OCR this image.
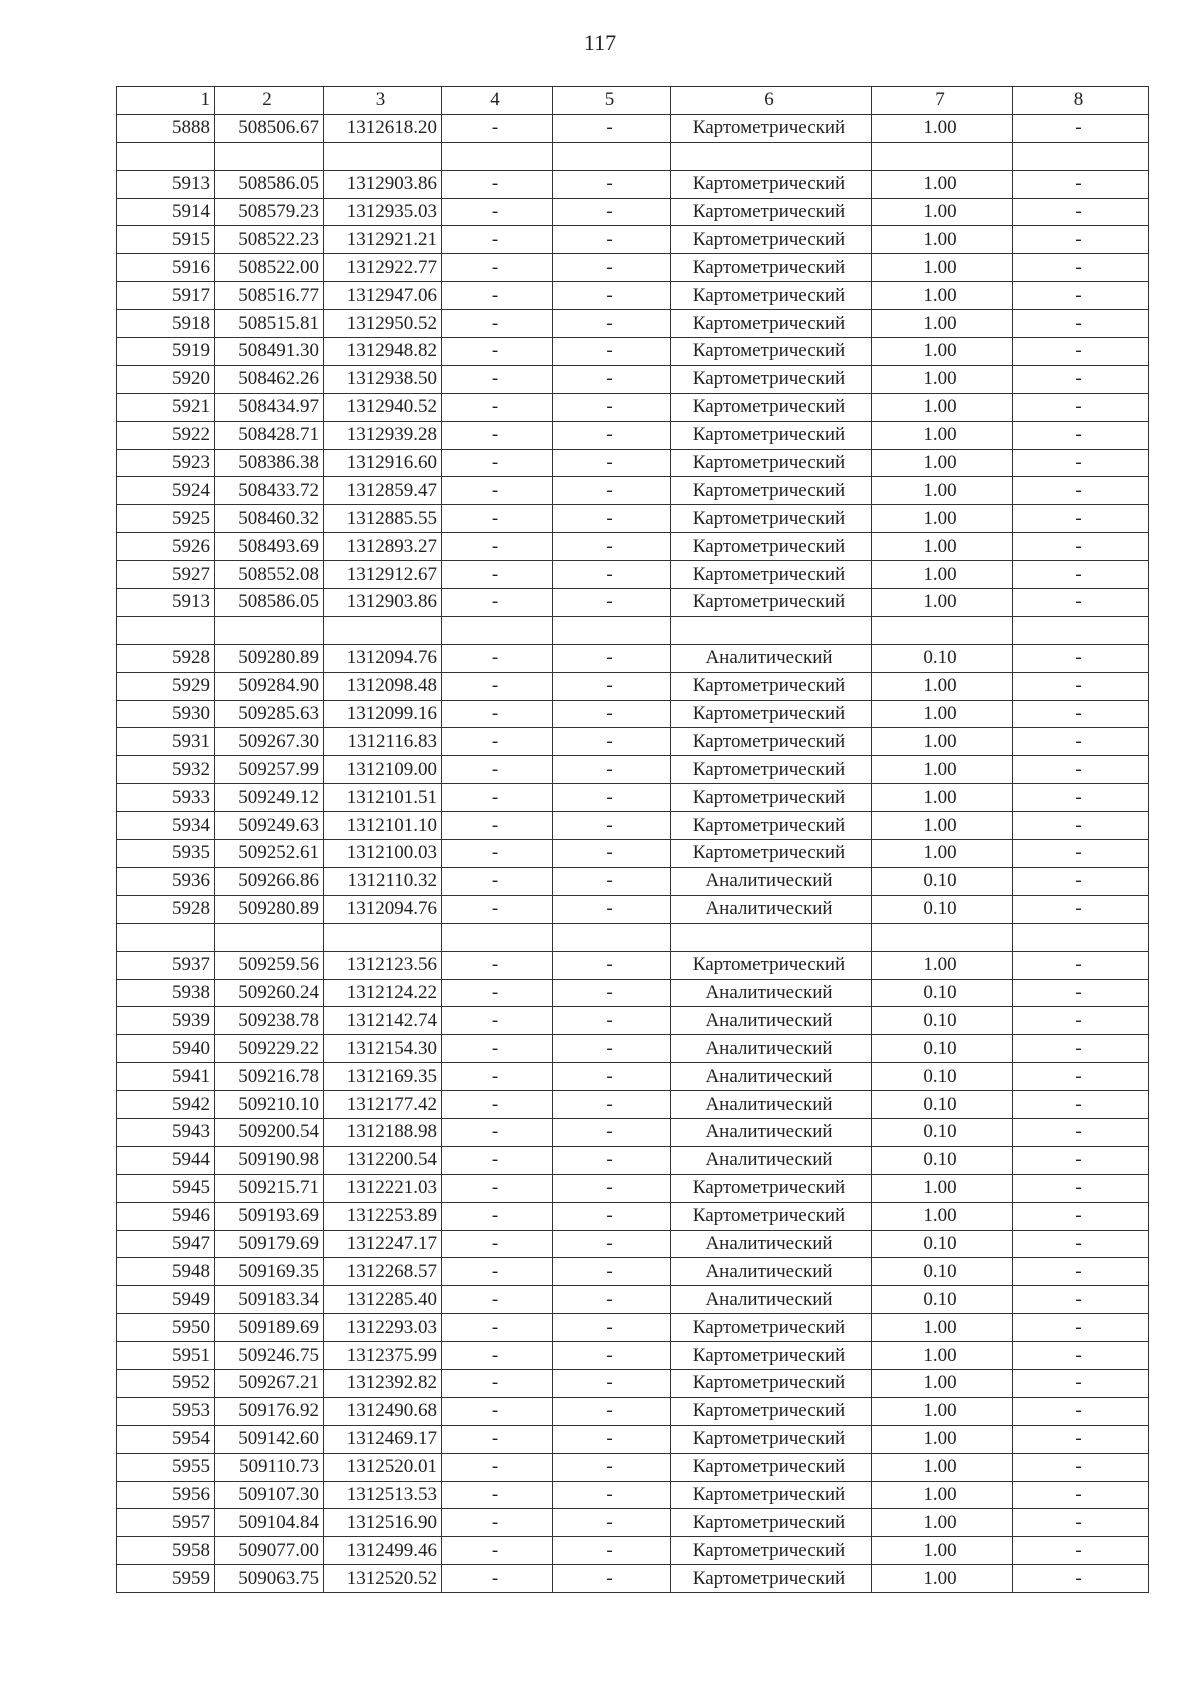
117
1	2	3	4	5	6	7	8
5888	508506.67	1312618.20	-	-	Картометрический	1.00	-

5913	508586.05	1312903.86	-	-	Картометрический	1.00	-
5914	508579.23	1312935.03	-	-	Картометрический	1.00	-
5915	508522.23	1312921.21	-	-	Картометрический	1.00	-
5916	508522.00	1312922.77	-	-	Картометрический	1.00	-
5917	508516.77	1312947.06	-	-	Картометрический	1.00	-
5918	508515.81	1312950.52	-	-	Картометрический	1.00	-
5919	508491.30	1312948.82	-	-	Картометрический	1.00	-
5920	508462.26	1312938.50	-	-	Картометрический	1.00	-
5921	508434.97	1312940.52	-	-	Картометрический	1.00	-
5922	508428.71	1312939.28	-	-	Картометрический	1.00	-
5923	508386.38	1312916.60	-	-	Картометрический	1.00	-
5924	508433.72	1312859.47	-	-	Картометрический	1.00	-
5925	508460.32	1312885.55	-	-	Картометрический	1.00	-
5926	508493.69	1312893.27	-	-	Картометрический	1.00	-
5927	508552.08	1312912.67	-	-	Картометрический	1.00	-
5913	508586.05	1312903.86	-	-	Картометрический	1.00	-

5928	509280.89	1312094.76	-	-	Аналитический	0.10	-
5929	509284.90	1312098.48	-	-	Картометрический	1.00	-
5930	509285.63	1312099.16	-	-	Картометрический	1.00	-
5931	509267.30	1312116.83	-	-	Картометрический	1.00	-
5932	509257.99	1312109.00	-	-	Картометрический	1.00	-
5933	509249.12	1312101.51	-	-	Картометрический	1.00	-
5934	509249.63	1312101.10	-	-	Картометрический	1.00	-
5935	509252.61	1312100.03	-	-	Картометрический	1.00	-
5936	509266.86	1312110.32	-	-	Аналитический	0.10	-
5928	509280.89	1312094.76	-	-	Аналитический	0.10	-

5937	509259.56	1312123.56	-	-	Картометрический	1.00	-
5938	509260.24	1312124.22	-	-	Аналитический	0.10	-
5939	509238.78	1312142.74	-	-	Аналитический	0.10	-
5940	509229.22	1312154.30	-	-	Аналитический	0.10	-
5941	509216.78	1312169.35	-	-	Аналитический	0.10	-
5942	509210.10	1312177.42	-	-	Аналитический	0.10	-
5943	509200.54	1312188.98	-	-	Аналитический	0.10	-
5944	509190.98	1312200.54	-	-	Аналитический	0.10	-
5945	509215.71	1312221.03	-	-	Картометрический	1.00	-
5946	509193.69	1312253.89	-	-	Картометрический	1.00	-
5947	509179.69	1312247.17	-	-	Аналитический	0.10	-
5948	509169.35	1312268.57	-	-	Аналитический	0.10	-
5949	509183.34	1312285.40	-	-	Аналитический	0.10	-
5950	509189.69	1312293.03	-	-	Картометрический	1.00	-
5951	509246.75	1312375.99	-	-	Картометрический	1.00	-
5952	509267.21	1312392.82	-	-	Картометрический	1.00	-
5953	509176.92	1312490.68	-	-	Картометрический	1.00	-
5954	509142.60	1312469.17	-	-	Картометрический	1.00	-
5955	509110.73	1312520.01	-	-	Картометрический	1.00	-
5956	509107.30	1312513.53	-	-	Картометрический	1.00	-
5957	509104.84	1312516.90	-	-	Картометрический	1.00	-
5958	509077.00	1312499.46	-	-	Картометрический	1.00	-
5959	509063.75	1312520.52	-	-	Картометрический	1.00	-
